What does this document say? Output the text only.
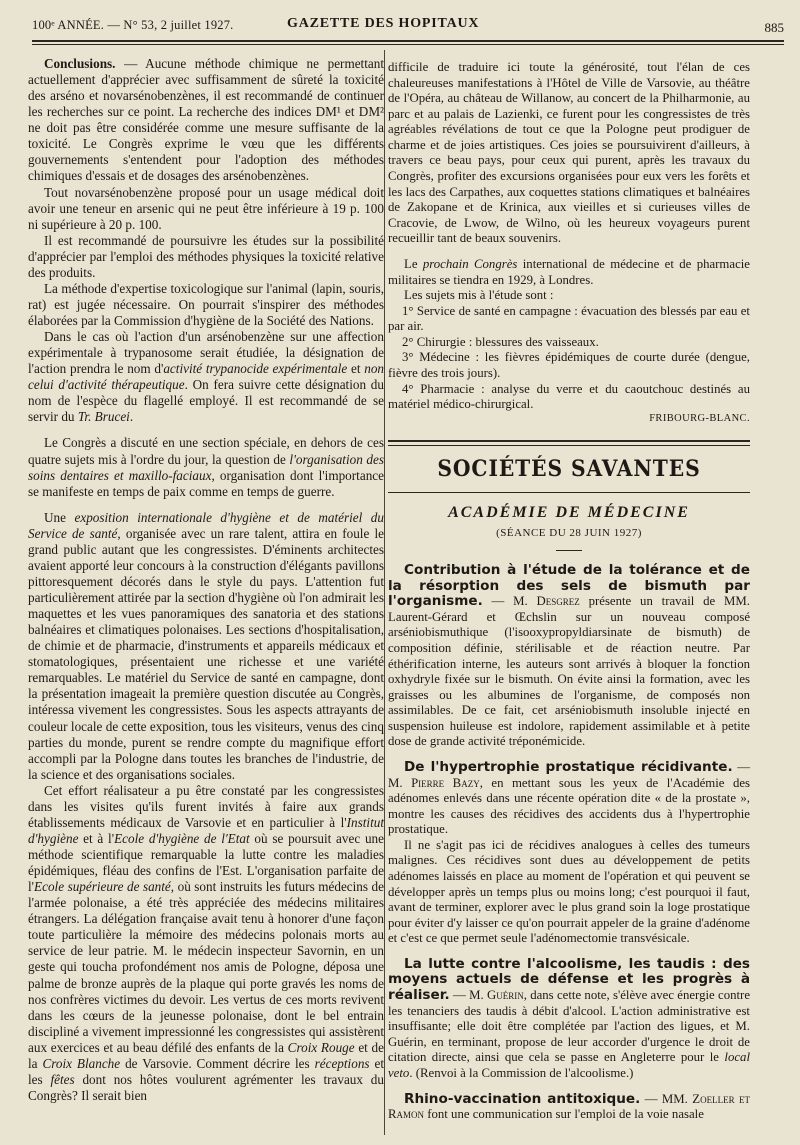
100ᵉ ANNÉE. — N° 53, 2 juillet 1927.	GAZETTE DES HOPITAUX	885

Conclusions. — Aucune méthode chimique ne permettant actuellement d'apprécier avec suffisamment de sûreté la toxicité des arséno et novarsénobenzènes, il est recommandé de continuer les recherches sur ce point. La recherche des indices DM¹ et DM² ne doit pas être considérée comme une mesure suffisante de la toxicité. Le Congrès exprime le vœu que les différents gouvernements s'entendent pour l'adoption des méthodes chimiques d'essais et de dosages des arsénobenzènes.

Tout novarsénobenzène proposé pour un usage médical doit avoir une teneur en arsenic qui ne peut être inférieure à 19 p. 100 ni supérieure à 20 p. 100.

Il est recommandé de poursuivre les études sur la possibilité d'apprécier par l'emploi des méthodes physiques la toxicité relative des produits.

La méthode d'expertise toxicologique sur l'animal (lapin, souris, rat) est jugée nécessaire. On pourrait s'inspirer des méthodes élaborées par la Commission d'hygiène de la Société des Nations.

Dans le cas où l'action d'un arsénobenzène sur une affection expérimentale à trypanosome serait étudiée, la désignation de l'action prendra le nom d'activité trypanocide expérimentale et non celui d'activité thérapeutique. On fera suivre cette désignation du nom de l'espèce du flagellé employé. Il est recommandé de se servir du Tr. Brucei.

Le Congrès a discuté en une section spéciale, en dehors de ces quatre sujets mis à l'ordre du jour, la question de l'organisation des soins dentaires et maxillo-faciaux, organisation dont l'importance se manifeste en temps de paix comme en temps de guerre.

Une exposition internationale d'hygiène et de matériel du Service de santé, organisée avec un rare talent, attira en foule le grand public autant que les congressistes. D'éminents architectes avaient apporté leur concours à la construction d'élégants pavillons pittoresquement décorés dans le style du pays. L'attention fut particulièrement attirée par la section d'hygiène où l'on admirait les maquettes et les vues panoramiques des sanatoria et des stations balnéaires et climatiques polonaises. Les sections d'hospitalisation, de chimie et de pharmacie, d'instruments et appareils médicaux et stomatologiques, présentaient une richesse et une variété remarquables. Le matériel du Service de santé en campagne, dont la présentation imageait la première question discutée au Congrès, intéressa vivement les congressistes. Sous les aspects attrayants de couleur locale de cette exposition, tous les visiteurs, venus des cinq parties du monde, purent se rendre compte du magnifique effort accompli par la Pologne dans toutes les branches de l'industrie, de la science et des organisations sociales.

Cet effort réalisateur a pu être constaté par les congressistes dans les visites qu'ils furent invités à faire aux grands établissements médicaux de Varsovie et en particulier à l'Institut d'hygiène et à l'Ecole d'hygiène de l'Etat où se poursuit avec une méthode scientifique remarquable la lutte contre les maladies épidémiques, fléau des confins de l'Est. L'organisation parfaite de l'Ecole supérieure de santé, où sont instruits les futurs médecins de l'armée polonaise, a été très appréciée des médecins militaires étrangers. La délégation française avait tenu à honorer d'une façon toute particulière la mémoire des médecins polonais morts au service de leur patrie. M. le médecin inspecteur Savornin, en un geste qui toucha profondément nos amis de Pologne, déposa une palme de bronze auprès de la plaque qui porte gravés les noms de nos confrères victimes du devoir. Les vertus de ces morts revivent dans les cœurs de la jeunesse polonaise, dont le bel entrain discipliné a vivement impressionné les congressistes qui assistèrent aux exercices et au beau défilé des enfants de la Croix Rouge et de la Croix Blanche de Varsovie. Comment décrire les réceptions et les fêtes dont nos hôtes voulurent agrémenter les travaux du Congrès? Il serait bien

difficile de traduire ici toute la générosité, tout l'élan de ces chaleureuses manifestations à l'Hôtel de Ville de Varsovie, au théâtre de l'Opéra, au château de Willanow, au concert de la Philharmonie, au parc et au palais de Lazienki, ce furent pour les congressistes de très agréables révélations de tout ce que la Pologne peut prodiguer de charme et de joies artistiques. Ces joies se poursuivirent d'ailleurs, à travers ce beau pays, pour ceux qui purent, après les travaux du Congrès, profiter des excursions organisées pour eux vers les forêts et les lacs des Carpathes, aux coquettes stations climatiques et balnéaires de Zakopane et de Krinica, aux vieilles et si curieuses villes de Cracovie, de Lwow, de Wilno, où les heureux voyageurs purent recueillir tant de beaux souvenirs.

Le prochain Congrès international de médecine et de pharmacie militaires se tiendra en 1929, à Londres.

Les sujets mis à l'étude sont :

1° Service de santé en campagne : évacuation des blessés par eau et par air.

2° Chirurgie : blessures des vaisseaux.

3° Médecine : les fièvres épidémiques de courte durée (dengue, fièvre des trois jours).

4° Pharmacie : analyse du verre et du caoutchouc destinés au matériel médico-chirurgical.

FRIBOURG-BLANC.
SOCIÉTÉS SAVANTES
ACADÉMIE DE MÉDECINE
(SÉANCE DU 28 JUIN 1927)

Contribution à l'étude de la tolérance et de la résorption des sels de bismuth par l'organisme. — M. Desgrez présente un travail de MM. Laurent-Gérard et Œchslin sur un nouveau composé arséniobismuthique (l'isooxypropyldiarsinate de bismuth) de composition définie, stérilisable et de réaction neutre. Par éthérification interne, les auteurs sont arrivés à bloquer la fonction oxhydryle fixée sur le bismuth. On évite ainsi la formation, avec les graisses ou les albumines de l'organisme, de composés non assimilables. De ce fait, cet arséniobismuth insoluble injecté en suspension huileuse est indolore, rapidement assimilable et à petite dose de grande activité tréponémicide.

De l'hypertrophie prostatique récidivante. — M. Pierre Bazy, en mettant sous les yeux de l'Académie des adénomes enlevés dans une récente opération dite « de la prostate », montre les causes des récidives des accidents dus à l'hypertrophie prostatique.

Il ne s'agit pas ici de récidives analogues à celles des tumeurs malignes. Ces récidives sont dues au développement de petits adénomes laissés en place au moment de l'opération et qui peuvent se développer après un temps plus ou moins long; c'est pourquoi il faut, avant de terminer, explorer avec le plus grand soin la loge prostatique pour éviter d'y laisser ce qu'on pourrait appeler de la graine d'adénome et c'est ce que permet seule l'adénomectomie transvésicale.

La lutte contre l'alcoolisme, les taudis : des moyens actuels de défense et les progrès à réaliser. — M. Guérin, dans cette note, s'élève avec énergie contre les tenanciers des taudis à débit d'alcool. L'action administrative est insuffisante; elle doit être complétée par l'action des ligues, et M. Guérin, en terminant, propose de leur accorder d'urgence le droit de citation directe, ainsi que cela se passe en Angleterre pour le local veto. (Renvoi à la Commission de l'alcoolisme.)

Rhino-vaccination antitoxique. — MM. Zoeller et Ramon font une communication sur l'emploi de la voie nasale
